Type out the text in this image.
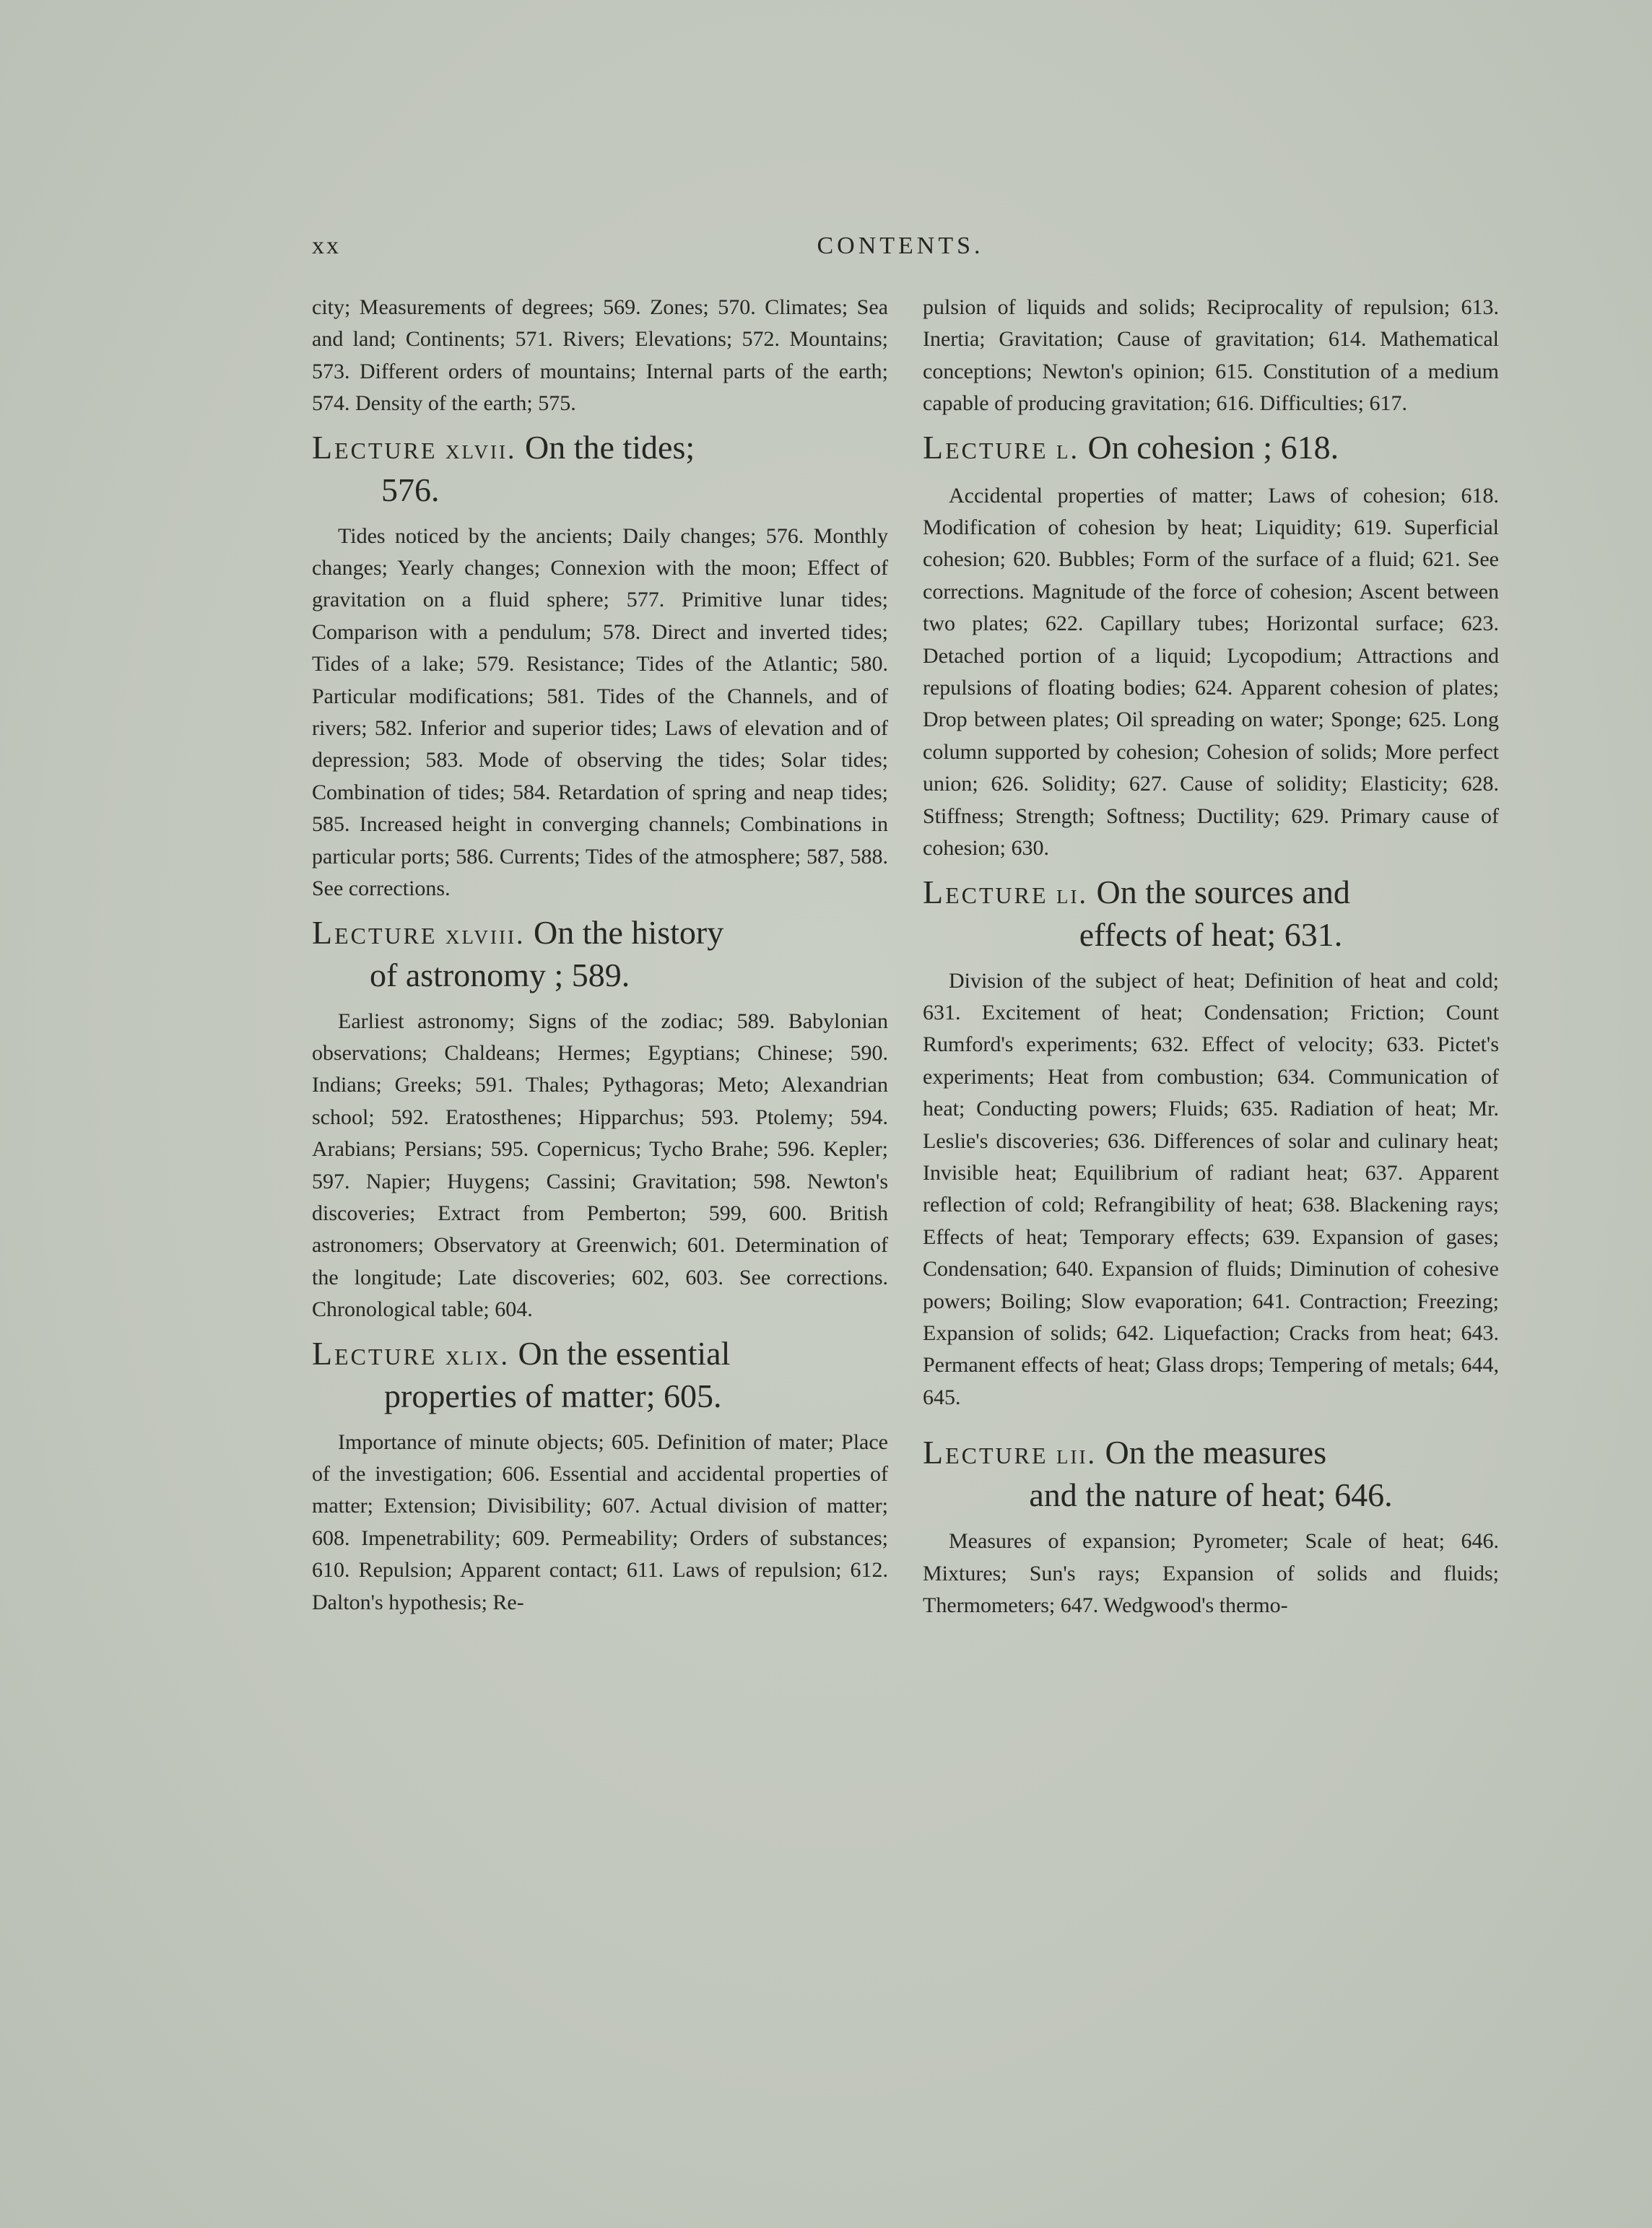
xx	CONTENTS.

city; Measurements of degrees; 569. Zones; 570. Climates; Sea and land; Continents; 571. Rivers; Elevations; 572. Mountains; 573. Different orders of mountains; Internal parts of the earth; 574. Density of the earth; 575.

Lecture xlvii. On the tides;
576.

Tides noticed by the ancients; Daily changes; 576. Monthly changes; Yearly changes; Connexion with the moon; Effect of gravitation on a fluid sphere; 577. Primitive lunar tides; Comparison with a pendulum; 578. Direct and inverted tides; Tides of a lake; 579. Resistance; Tides of the Atlantic; 580. Particular modifications; 581. Tides of the Channels, and of rivers; 582. Inferior and superior tides; Laws of elevation and of depression; 583. Mode of observing the tides; Solar tides; Combination of tides; 584. Retardation of spring and neap tides; 585. Increased height in converging channels; Combinations in particular ports; 586. Currents; Tides of the atmosphere; 587, 588. See corrections.

Lecture xlviii. On the history
of astronomy ; 589.

Earliest astronomy; Signs of the zodiac; 589. Babylonian observations; Chaldeans; Hermes; Egyptians; Chinese; 590. Indians; Greeks; 591. Thales; Pythagoras; Meto; Alexandrian school; 592. Eratosthenes; Hipparchus; 593. Ptolemy; 594. Arabians; Persians; 595. Copernicus; Tycho Brahe; 596. Kepler; 597. Napier; Huygens; Cassini; Gravitation; 598. Newton's discoveries; Extract from Pemberton; 599, 600. British astronomers; Observatory at Greenwich; 601. Determination of the longitude; Late discoveries; 602, 603. See corrections. Chronological table; 604.

Lecture xlix. On the essential
properties of matter; 605.

Importance of minute objects; 605. Definition of mater; Place of the investigation; 606. Essential and accidental properties of matter; Extension; Divisibility; 607. Actual division of matter; 608. Impenetrability; 609. Permeability; Orders of substances; 610. Repulsion; Apparent contact; 611. Laws of repulsion; 612. Dalton's hypothesis; Re-

pulsion of liquids and solids; Reciprocality of repulsion; 613. Inertia; Gravitation; Cause of gravitation; 614. Mathematical conceptions; Newton's opinion; 615. Constitution of a medium capable of producing gravitation; 616. Difficulties; 617.

Lecture l. On cohesion ; 618.

Accidental properties of matter; Laws of cohesion; 618. Modification of cohesion by heat; Liquidity; 619. Superficial cohesion; 620. Bubbles; Form of the surface of a fluid; 621. See corrections. Magnitude of the force of cohesion; Ascent between two plates; 622. Capillary tubes; Horizontal surface; 623. Detached portion of a liquid; Lycopodium; Attractions and repulsions of floating bodies; 624. Apparent cohesion of plates; Drop between plates; Oil spreading on water; Sponge; 625. Long column supported by cohesion; Cohesion of solids; More perfect union; 626. Solidity; 627. Cause of solidity; Elasticity; 628. Stiffness; Strength; Softness; Ductility; 629. Primary cause of cohesion; 630.

Lecture li. On the sources and
effects of heat; 631.

Division of the subject of heat; Definition of heat and cold; 631. Excitement of heat; Condensation; Friction; Count Rumford's experiments; 632. Effect of velocity; 633. Pictet's experiments; Heat from combustion; 634. Communication of heat; Conducting powers; Fluids; 635. Radiation of heat; Mr. Leslie's discoveries; 636. Differences of solar and culinary heat; Invisible heat; Equilibrium of radiant heat; 637. Apparent reflection of cold; Refrangibility of heat; 638. Blackening rays; Effects of heat; Temporary effects; 639. Expansion of gases; Condensation; 640. Expansion of fluids; Diminution of cohesive powers; Boiling; Slow evaporation; 641. Contraction; Freezing; Expansion of solids; 642. Liquefaction; Cracks from heat; 643. Permanent effects of heat; Glass drops; Tempering of metals; 644, 645.

Lecture lii. On the measures
and the nature of heat; 646.

Measures of expansion; Pyrometer; Scale of heat; 646. Mixtures; Sun's rays; Expansion of solids and fluids; Thermometers; 647. Wedgwood's thermo-
